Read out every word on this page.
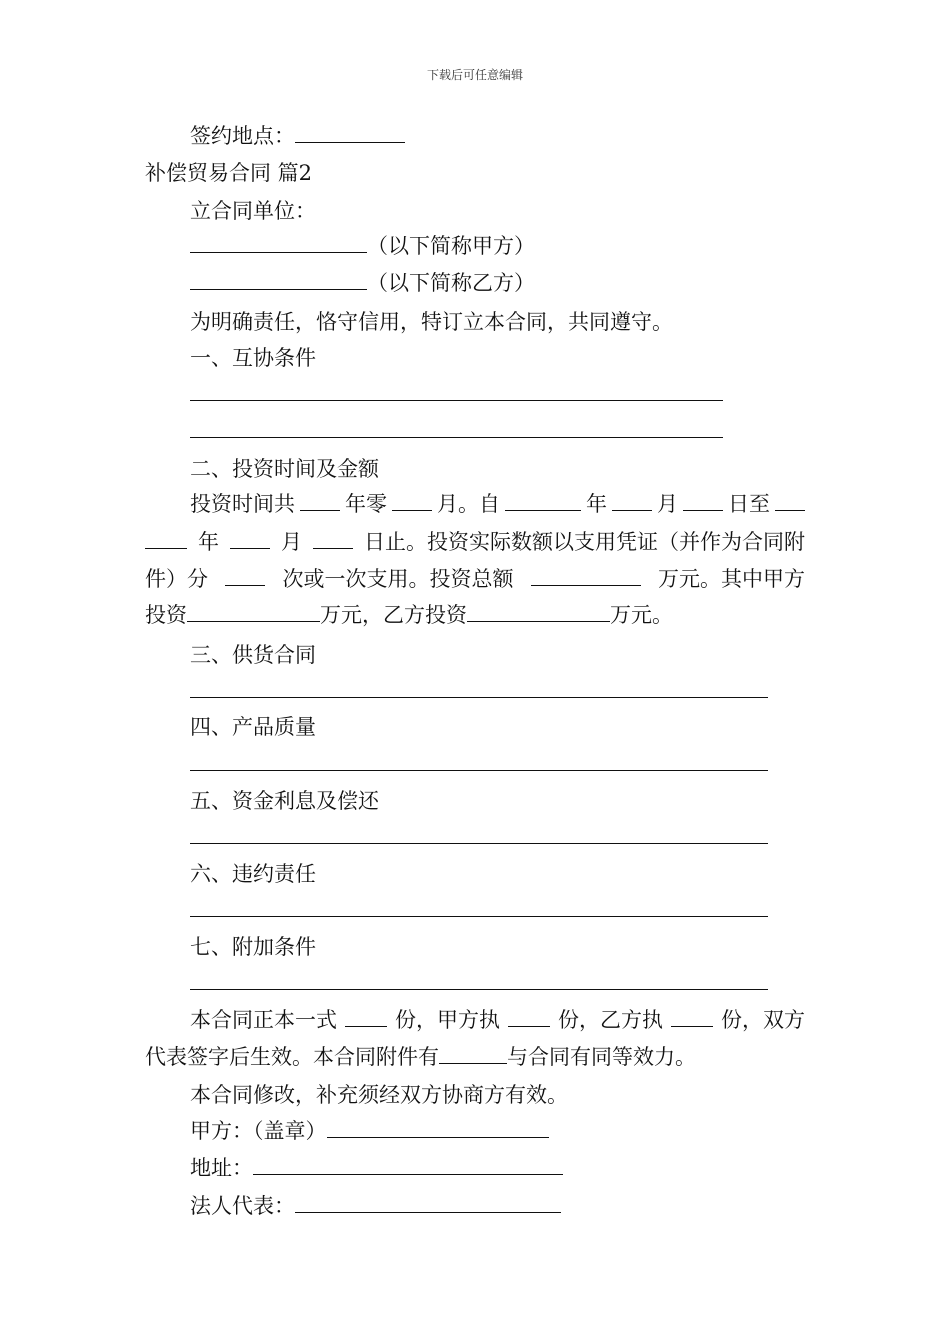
下载后可任意编辑
签约地点：
补偿贸易合同 篇2
立合同单位：
（以下简称甲方）
（以下简称乙方）
为明确责任，恪守信用，特订立本合同，共同遵守。
一、互协条件
二、投资时间及金额
投资时间共 年零 月。自	年 月 日至
年	月	日止。投资实际数额以支用凭证（并作为合同附
件）分	次或一次支用。投资总额	万元。其中甲方
投资	万元，乙方投资	万元。
三、供货合同
四、产品质量
五、资金利息及偿还
六、违约责任
七、附加条件
本合同正本一式	份，甲方执	份，乙方执	份，双方
代表签字后生效。本合同附件有	与合同有同等效力。
本合同修改，补充须经双方协商方有效。
甲方：（盖章）
地址：
法人代表：
